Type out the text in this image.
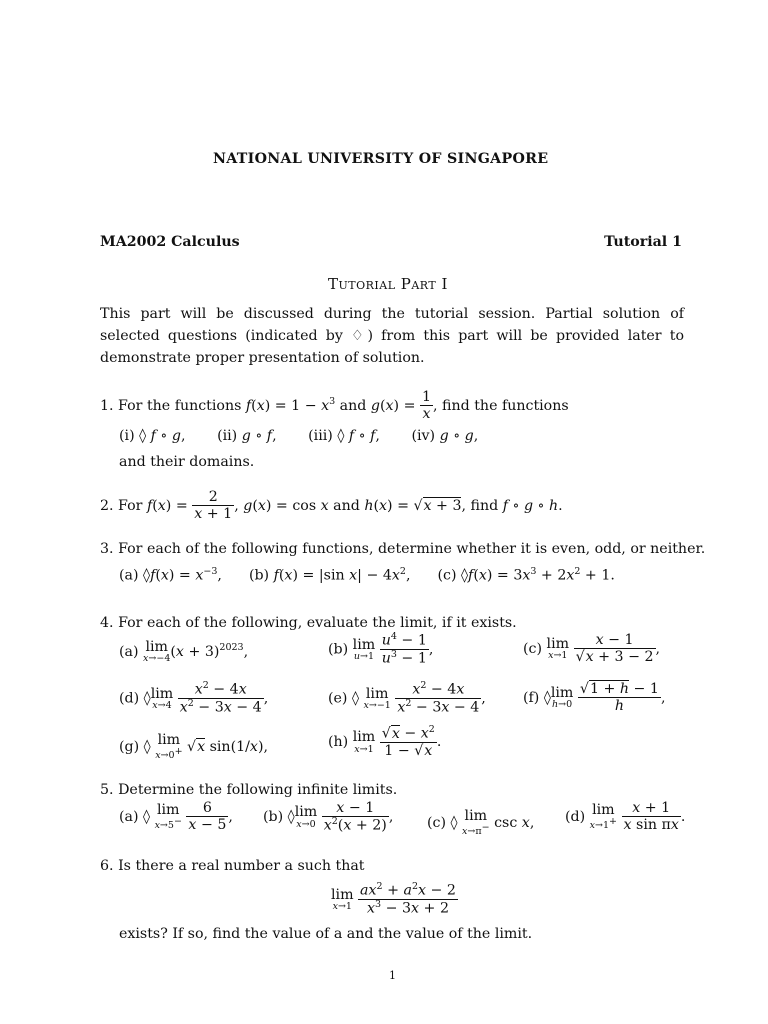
NATIONAL UNIVERSITY OF SINGAPORE
MA2002 Calculus	Tutorial 1
Tutorial Part I
This part will be discussed during the tutorial session. Partial solution of selected questions (indicated by ♢) from this part will be provided later to demonstrate proper presentation of solution.
1. For the functions $f(x) = 1 - x^3$ and $g(x) = \frac{1}{x}$ , find the functions
(i) ◊ f ∘ g,       (ii) g ∘ f,       (iii) ◊ f ∘ f,       (iv) g ∘ g,
and their domains.
2. For $f(x) = \frac{2}{x + 1}$ , g(x) = cos x and h(x) = √x + 3, find f ∘ g ∘ h.
3. For each of the following functions, determine whether it is even, odd, or neither.
(a) ◊f(x) = $x^{-3}$,      (b) f(x) = |sin $x| - 4x^2$,      (c) ◊f(x) = $3x^3 + 2x^2 + 1$.
4. For each of the following, evaluate the limit, if it exists.
(a) lim
x→−4 $(x + 3)^{2023}$,	(b) lim
u→1
$\frac{u^4 - 1}{u^3 - 1}$ ,	(c) lim
x→1
$\frac{x - 1}{√x + 3 - 2}$ ,
(d) ◊ lim
x→4
$\frac{x^2 - 4x}{x^2 - 3x - 4}$ ,	(e) ◊ lim
x→−1
$\frac{x^2 - 4x}{x^2 - 3x - 4}$ ,	(f) ◊ lim
h→0
$\frac{√1 + h - 1}{h}$ ,
(g) ◊ lim
x→0+ √x sin(1/x),	(h) lim
x→1
$\frac{√x - x^2}{1 - √x}$ .
5. Determine the following infinite limits.
(a) ◊ lim
x→5−
$\frac{6}{x - 5}$ , (b) ◊ lim
x→0
$\frac{x - 1}{x^2(x + 2)}$ , (c) ◊ lim
x→π− csc x, (d) lim
x→1+
$\frac{x + 1}{\text{x sin πx}}$ .
6. Is there a real number a such that
lim
x→1
$\frac{ax^2 + a^2x - 2}{x^3 - 3x + 2}$
exists? If so, find the value of a and the value of the limit.
1
